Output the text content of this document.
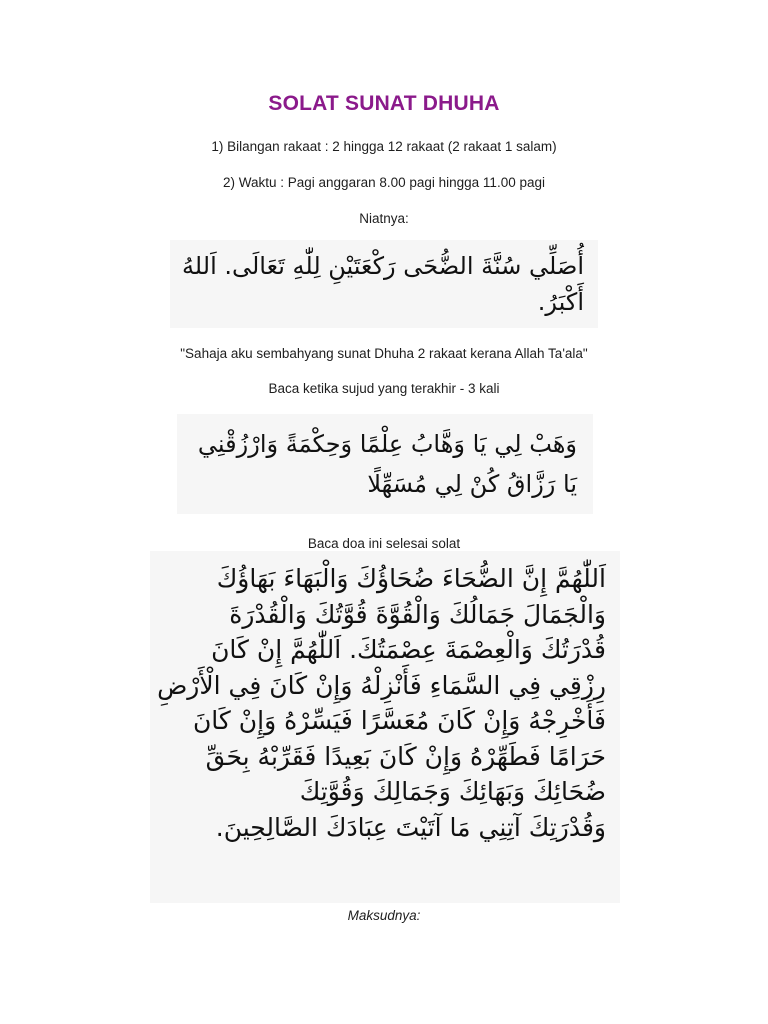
SOLAT SUNAT DHUHA
1) Bilangan rakaat : 2 hingga 12 rakaat (2 rakaat 1 salam)
2) Waktu : Pagi anggaran 8.00 pagi hingga 11.00 pagi
Niatnya:
أُصَلِّي سُنَّةَ الضُّحَى رَكْعَتَيْنِ لِلّٰهِ تَعَالَى. اَللهُ
أَكْبَرُ.
"Sahaja aku sembahyang sunat Dhuha 2 rakaat kerana Allah Ta'ala"
Baca ketika sujud yang terakhir - 3 kali
وَهَبْ لِي يَا وَهَّابُ عِلْمًا وَحِكْمَةً وَارْزُقْنِي
يَا رَزَّاقُ كُنْ لِي مُسَهِّلًا
Baca doa ini selesai solat
اَللّٰهُمَّ إِنَّ الضُّحَاءَ ضُحَاؤُكَ وَالْبَهَاءَ بَهَاؤُكَ
وَالْجَمَالَ جَمَالُكَ وَالْقُوَّةَ قُوَّتُكَ وَالْقُدْرَةَ
قُدْرَتُكَ وَالْعِصْمَةَ عِصْمَتُكَ. اَللّٰهُمَّ إِنْ كَانَ
رِزْقِي فِي السَّمَاءِ فَأَنْزِلْهُ وَإِنْ كَانَ فِي الْأَرْضِ
فَأَخْرِجْهُ وَإِنْ كَانَ مُعَسَّرًا فَيَسِّرْهُ وَإِنْ كَانَ
حَرَامًا فَطَهِّرْهُ وَإِنْ كَانَ بَعِيدًا فَقَرِّبْهُ بِحَقِّ
ضُحَائِكَ وَبَهَائِكَ وَجَمَالِكَ وَقُوَّتِكَ
وَقُدْرَتِكَ آتِنِي مَا آتَيْتَ عِبَادَكَ الصَّالِحِينَ.
Maksudnya:
